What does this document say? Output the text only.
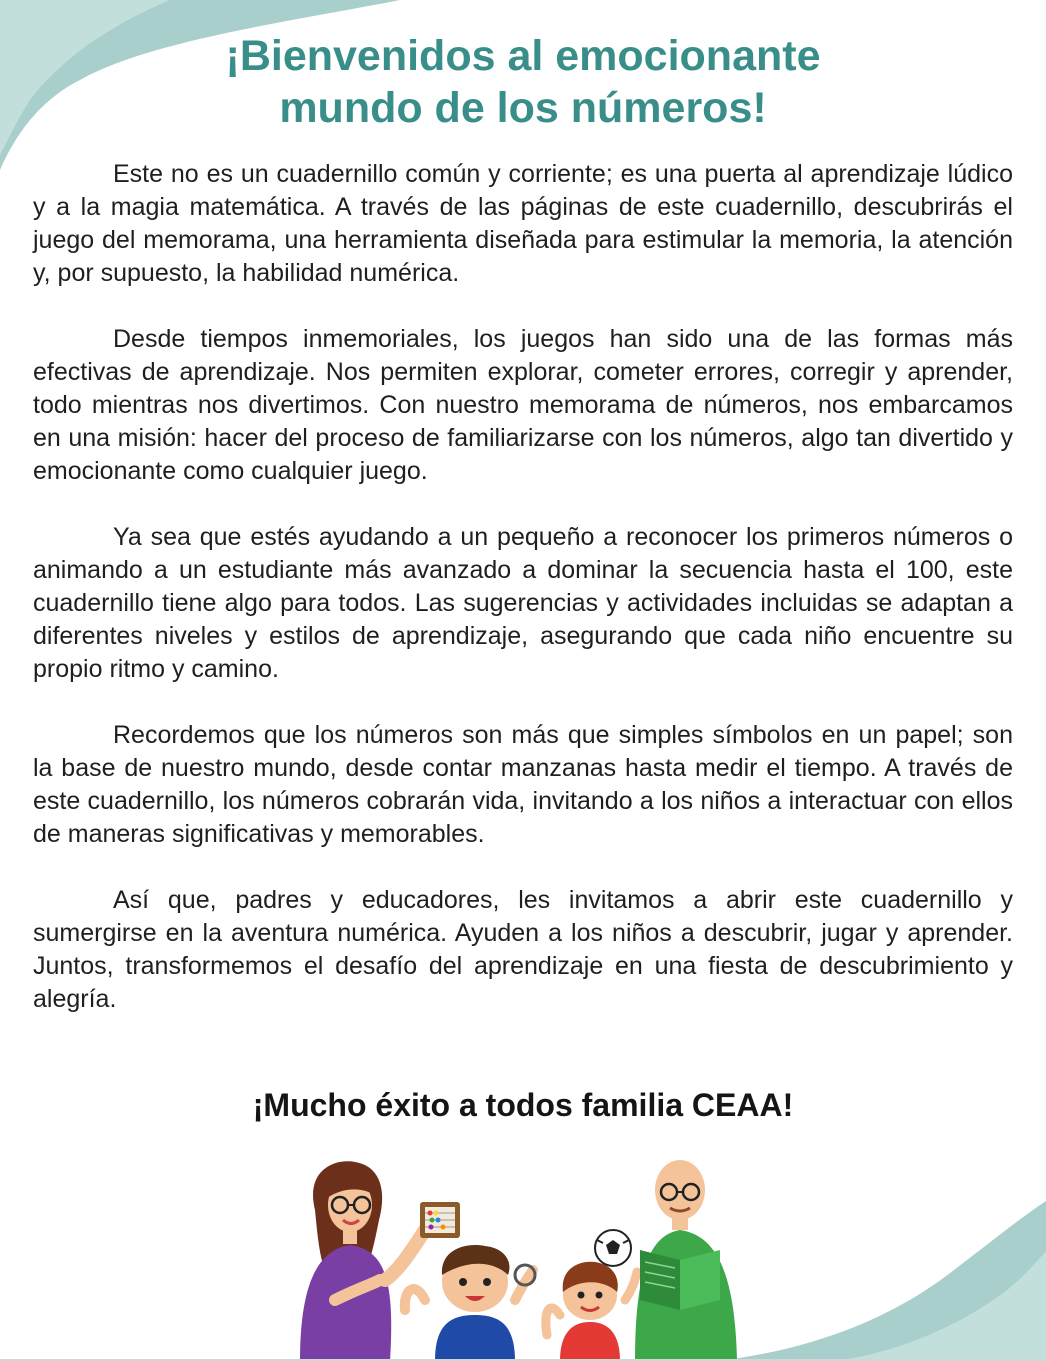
¡Bienvenidos al emocionante
mundo de los números!

Este no es un cuadernillo común y corriente; es una puerta al aprendizaje lúdico y a la magia matemática. A través de las páginas de este cuadernillo, descubrirás el juego del memorama, una herramienta diseñada para estimular la memoria, la atención y, por supuesto, la habilidad numérica.

Desde tiempos inmemoriales, los juegos han sido una de las formas más efectivas de aprendizaje. Nos permiten explorar, cometer errores, corregir y aprender, todo mientras nos divertimos. Con nuestro memorama de números, nos embarcamos en una misión: hacer del proceso de familiarizarse con los números, algo tan divertido y emocionante como cualquier juego.

Ya sea que estés ayudando a un pequeño a reconocer los primeros números o animando a un estudiante más avanzado a dominar la secuencia hasta el 100, este cuadernillo tiene algo para todos. Las sugerencias y actividades incluidas se adaptan a diferentes niveles y estilos de aprendizaje, asegurando que cada niño encuentre su propio ritmo y camino.

Recordemos que los números son más que simples símbolos en un papel; son la base de nuestro mundo, desde contar manzanas hasta medir el tiempo. A través de este cuadernillo, los números cobrarán vida, invitando a los niños a interactuar con ellos de maneras significativas y memorables.

Así que, padres y educadores, les invitamos a abrir este cuadernillo y sumergirse en la aventura numérica. Ayuden a los niños a descubrir, jugar y aprender. Juntos, transformemos el desafío del aprendizaje en una fiesta de descubrimiento y alegría.

¡Mucho éxito a todos familia CEAA!
